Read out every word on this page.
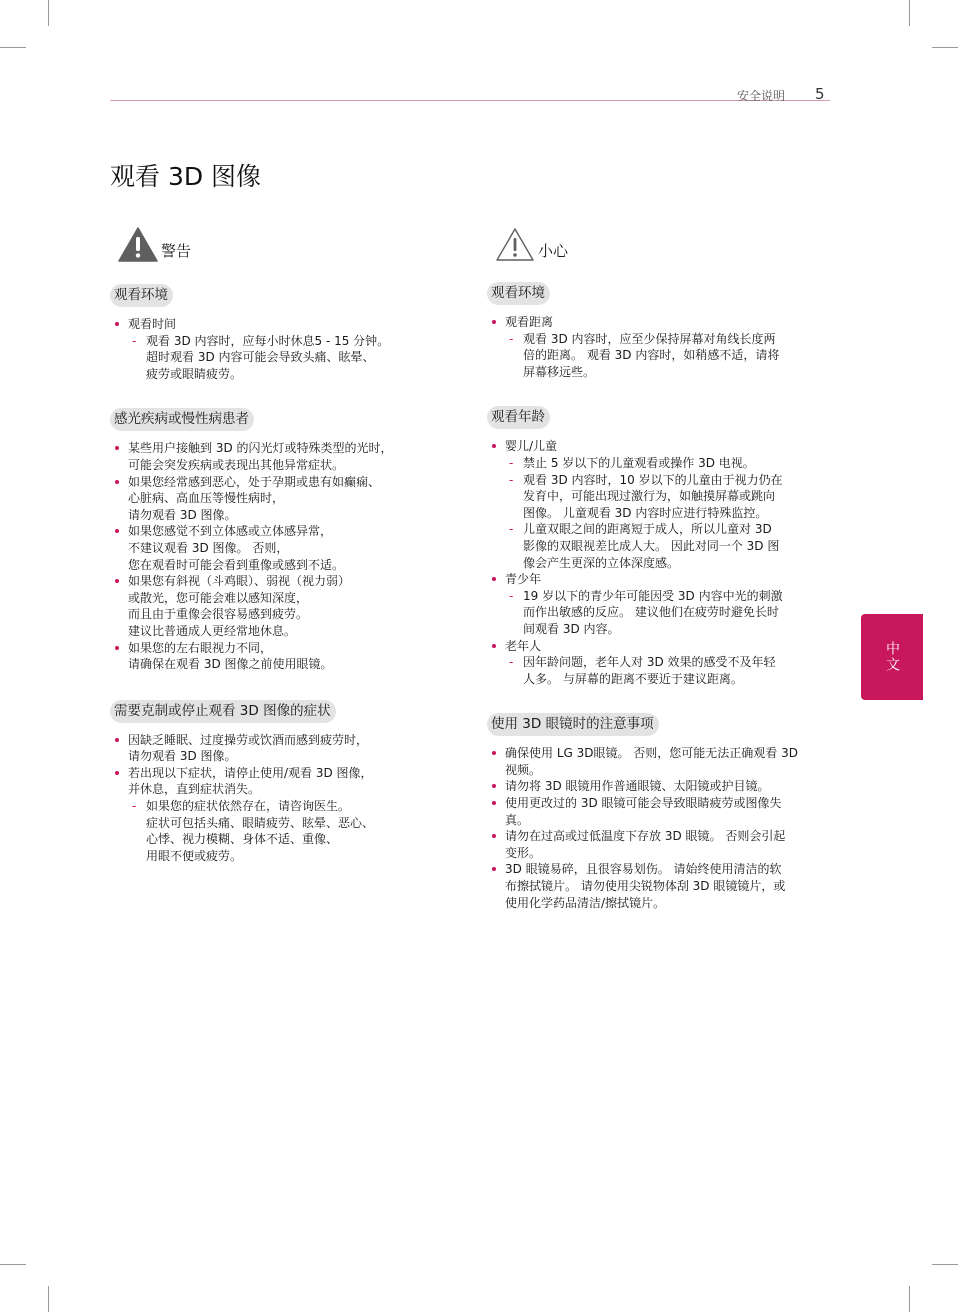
安全说明 5
观看 3D 图像
警告
观看环境
观看时间
- 观看 3D 内容时，应每小时休息5 - 15 分钟。
超时观看 3D 内容可能会导致头痛、眩晕、
疲劳或眼睛疲劳。
感光疾病或慢性病患者
某些用户接触到 3D 的闪光灯或特殊类型的光时，
可能会突发疾病或表现出其他异常症状。
如果您经常感到恶心，处于孕期或患有如癫痫、
心脏病、高血压等慢性病时，
请勿观看 3D 图像。
如果您感觉不到立体感或立体感异常，
不建议观看 3D 图像。 否则，
您在观看时可能会看到重像或感到不适。
如果您有斜视（斗鸡眼）、弱视（视力弱）
或散光，您可能会难以感知深度，
而且由于重像会很容易感到疲劳。
建议比普通成人更经常地休息。
如果您的左右眼视力不同，
请确保在观看 3D 图像之前使用眼镜。
需要克制或停止观看 3D 图像的症状
因缺乏睡眠、过度操劳或饮酒而感到疲劳时，
请勿观看 3D 图像。
若出现以下症状，请停止使用/观看 3D 图像，
并休息，直到症状消失。
- 如果您的症状依然存在，请咨询医生。
症状可包括头痛、眼睛疲劳、眩晕、恶心、
心悸、视力模糊、身体不适、重像、
用眼不便或疲劳。
小心
观看环境
观看距离
- 观看 3D 内容时，应至少保持屏幕对角线长度两
倍的距离。 观看 3D 内容时，如稍感不适，请将
屏幕移远些。
观看年龄
婴儿/儿童
- 禁止 5 岁以下的儿童观看或操作 3D 电视。
- 观看 3D 内容时，10 岁以下的儿童由于视力仍在
发育中，可能出现过激行为，如触摸屏幕或跳向
图像。 儿童观看 3D 内容时应进行特殊监控。
- 儿童双眼之间的距离短于成人，所以儿童对 3D
影像的双眼视差比成人大。 因此对同一个 3D 图
像会产生更深的立体深度感。
青少年
- 19 岁以下的青少年可能因受 3D 内容中光的刺激
而作出敏感的反应。 建议他们在疲劳时避免长时
间观看 3D 内容。
老年人
- 因年龄问题，老年人对 3D 效果的感受不及年轻
人多。 与屏幕的距离不要近于建议距离。
使用 3D 眼镜时的注意事项
确保使用 LG 3D眼镜。 否则，您可能无法正确观看 3D
视频。
请勿将 3D 眼镜用作普通眼镜、太阳镜或护目镜。
使用更改过的 3D 眼镜可能会导致眼睛疲劳或图像失
真。
请勿在过高或过低温度下存放 3D 眼镜。 否则会引起
变形。
3D 眼镜易碎，且很容易划伤。 请始终使用清洁的软
布擦拭镜片。 请勿使用尖锐物体刮 3D 眼镜镜片，或
使用化学药品清洁/擦拭镜片。
中文
